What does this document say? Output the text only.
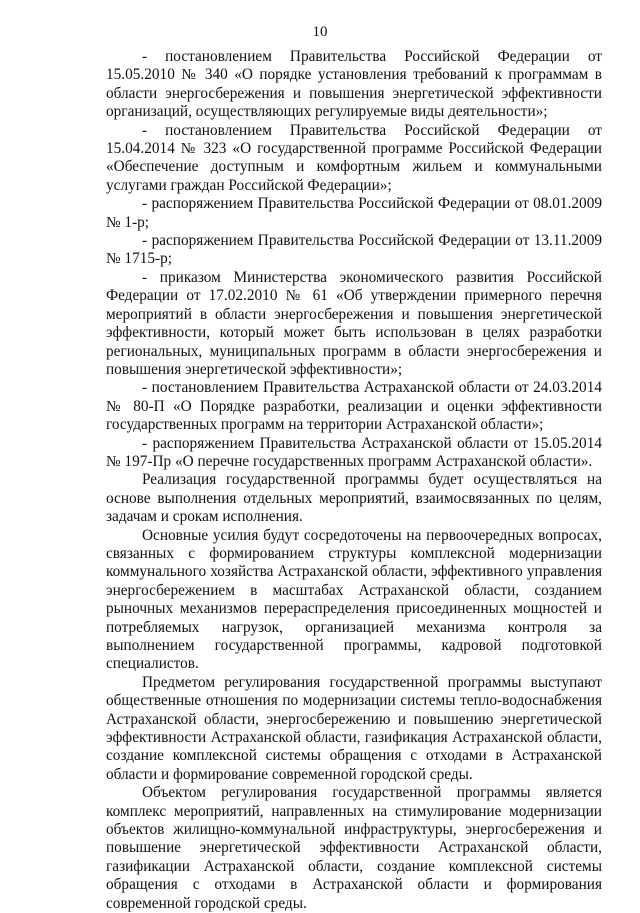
10

- постановлением Правительства Российской Федерации от 15.05.2010 № 340 «О порядке установления требований к программам в области энергосбережения и повышения энергетической эффективности организаций, осуществляющих регулируемые виды деятельности»;

- постановлением Правительства Российской Федерации от 15.04.2014 № 323 «О государственной программе Российской Федерации «Обеспечение доступным и комфортным жильем и коммунальными услугами граждан Российской Федерации»;

- распоряжением Правительства Российской Федерации от 08.01.2009 № 1-р;

- распоряжением Правительства Российской Федерации от 13.11.2009 № 1715-р;

- приказом Министерства экономического развития Российской Федерации от 17.02.2010 № 61 «Об утверждении примерного перечня мероприятий в области энергосбережения и повышения энергетической эффективности, который может быть использован в целях разработки региональных, муниципальных программ в области энергосбережения и повышения энергетической эффективности»;

- постановлением Правительства Астраханской области от 24.03.2014 № 80-П «О Порядке разработки, реализации и оценки эффективности государственных программ на территории Астраханской области»;

- распоряжением Правительства Астраханской области от 15.05.2014 № 197-Пр «О перечне государственных программ Астраханской области».

Реализация государственной программы будет осуществляться на основе выполнения отдельных мероприятий, взаимосвязанных по целям, задачам и срокам исполнения.

Основные усилия будут сосредоточены на первоочередных вопросах, связанных с формированием структуры комплексной модернизации коммунального хозяйства Астраханской области, эффективного управления энергосбережением в масштабах Астраханской области, созданием рыночных механизмов перераспределения присоединенных мощностей и потребляемых нагрузок, организацией механизма контроля за выполнением государственной программы, кадровой подготовкой специалистов.

Предметом регулирования государственной программы выступают общественные отношения по модернизации системы тепло-водоснабжения Астраханской области, энергосбережению и повышению энергетической эффективности Астраханской области, газификация Астраханской области, создание комплексной системы обращения с отходами в Астраханской области и формирование современной городской среды.

Объектом регулирования государственной программы является комплекс мероприятий, направленных на стимулирование модернизации объектов жилищно-коммунальной инфраструктуры, энергосбережения и повышение энергетической эффективности Астраханской области, газификации Астраханской области, создание комплексной системы обращения с отходами в Астраханской области и формирования современной городской среды.
